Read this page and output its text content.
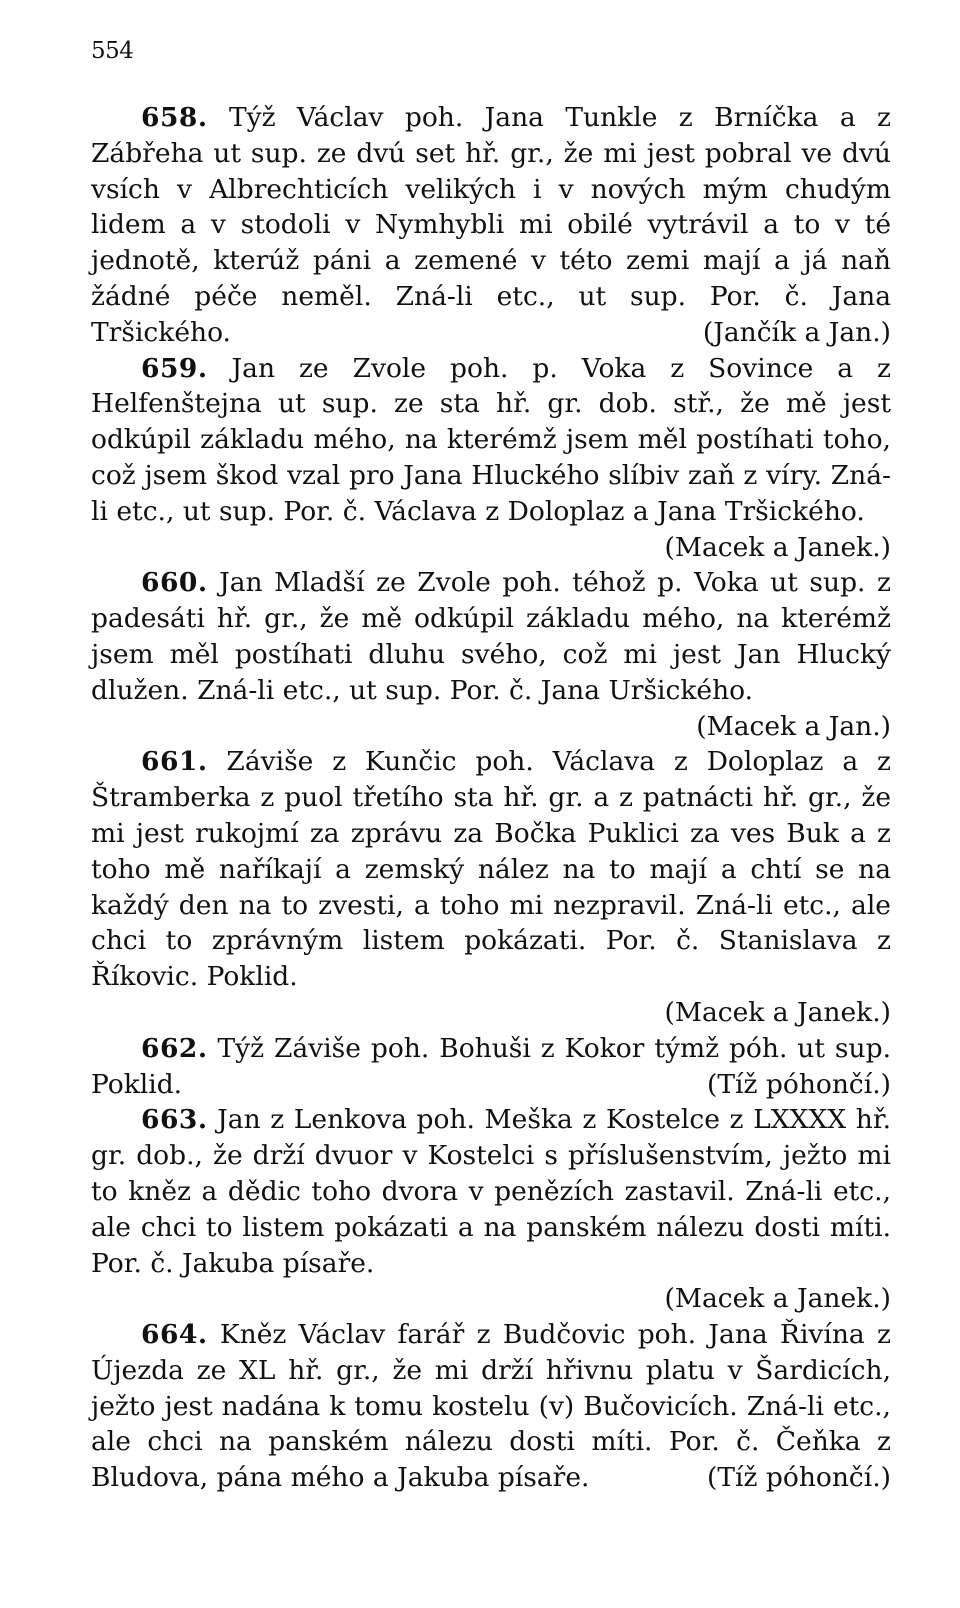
554

658. Týž Václav poh. Jana Tunkle z Brníčka a z Zábřeha ut sup. ze dvú set hř. gr., že mi jest pobral ve dvú vsích v Albrechticích velikých i v nových mým chudým lidem a v stodoli v Nymhybli mi obilé vytrávil a to v té jednotě, kterúž páni a zemené v této zemi mají a já naň žádné péče neměl. Zná-li etc., ut sup. Por. č. Jana Tršického.	(Jančík a Jan.)

659. Jan ze Zvole poh. p. Voka z Sovince a z Helfenštejna ut sup. ze sta hř. gr. dob. stř., že mě jest odkúpil základu mého, na kterémž jsem měl postíhati toho, což jsem škod vzal pro Jana Hluckého slíbiv zaň z víry. Zná-li etc., ut sup. Por. č. Václava z Doloplaz a Jana Tršického.
(Macek a Janek.)

660. Jan Mladší ze Zvole poh. téhož p. Voka ut sup. z padesáti hř. gr., že mě odkúpil základu mého, na kterémž jsem měl postíhati dluhu svého, což mi jest Jan Hlucký dlužen. Zná-li etc., ut sup. Por. č. Jana Uršického.
(Macek a Jan.)

661. Záviše z Kunčic poh. Václava z Doloplaz a z Štramberka z puol třetího sta hř. gr. a z patnácti hř. gr., že mi jest rukojmí za zprávu za Bočka Puklici za ves Buk a z toho mě naříkají a zemský nález na to mají a chtí se na každý den na to zvesti, a toho mi nezpravil. Zná-li etc., ale chci to zprávným listem pokázati. Por. č. Stanislava z Říkovic. Poklid.
(Macek a Janek.)

662. Týž Záviše poh. Bohuši z Kokor týmž póh. ut sup. Poklid.	(Tíž póhončí.)

663. Jan z Lenkova poh. Meška z Kostelce z LXXXX hř. gr. dob., že drží dvuor v Kostelci s příslušenstvím, ježto mi to kněz a dědic toho dvora v penězích zastavil. Zná-li etc., ale chci to listem pokázati a na panském nálezu dosti míti. Por. č. Jakuba písaře.
(Macek a Janek.)

664. Kněz Václav farář z Budčovic poh. Jana Řivína z Újezda ze XL hř. gr., že mi drží hřivnu platu v Šardicích, ježto jest nadána k tomu kostelu (v) Bučovicích. Zná-li etc., ale chci na panském nálezu dosti míti. Por. č. Čeňka z Bludova, pána mého a Jakuba písaře.	(Tíž póhončí.)
